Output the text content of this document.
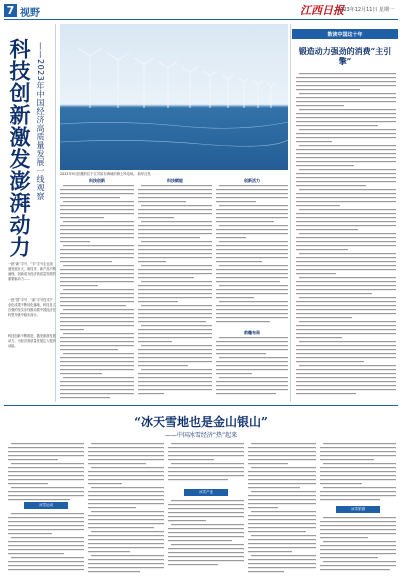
7 视野	江西日报
2023年12月11日 星期一
科技创新激发澎湃动力 ——2023年中国经济高质量发展一线观察
一批“新”字号、“专”字号企业加速发展壮大，新技术、新产品不断涌现，创新成为经济高质量发展的重要驱动力……
一批“国”字号、“新”字号技术产业化成果不断转化落地，科技自立自强的坚实步伐推动着中国经济在转型升级中稳步前行。
科技创新不断推进，激发澎湃发展动力，为经济高质量发展注入强劲动能。
2023年9月拍摄的位于江苏如东海域的海上风电场。 新华社发
科技创新	科技赋能	创新活力
前瞻布局
数读中国这十年
锻造动力强劲的消费“主引擎”
“冰天雪地也是金山银山”
——中国冰雪经济“热”起来
冰雪运动
冰雪产业
冰雪旅游
